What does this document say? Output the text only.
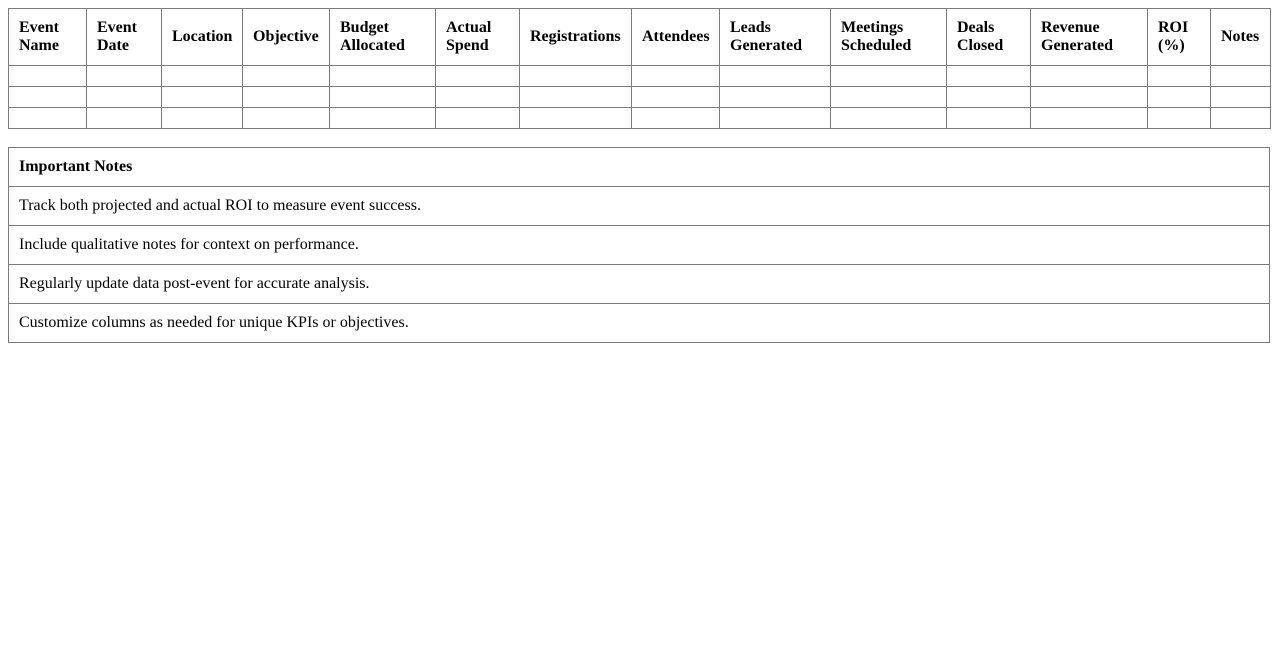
Event Name	Event Date	Location	Objective	Budget Allocated	Actual Spend	Registrations	Attendees	Leads Generated	Meetings Scheduled	Deals Closed	Revenue Generated	ROI (%)	Notes

Important Notes
Track both projected and actual ROI to measure event success.
Include qualitative notes for context on performance.
Regularly update data post-event for accurate analysis.
Customize columns as needed for unique KPIs or objectives.
